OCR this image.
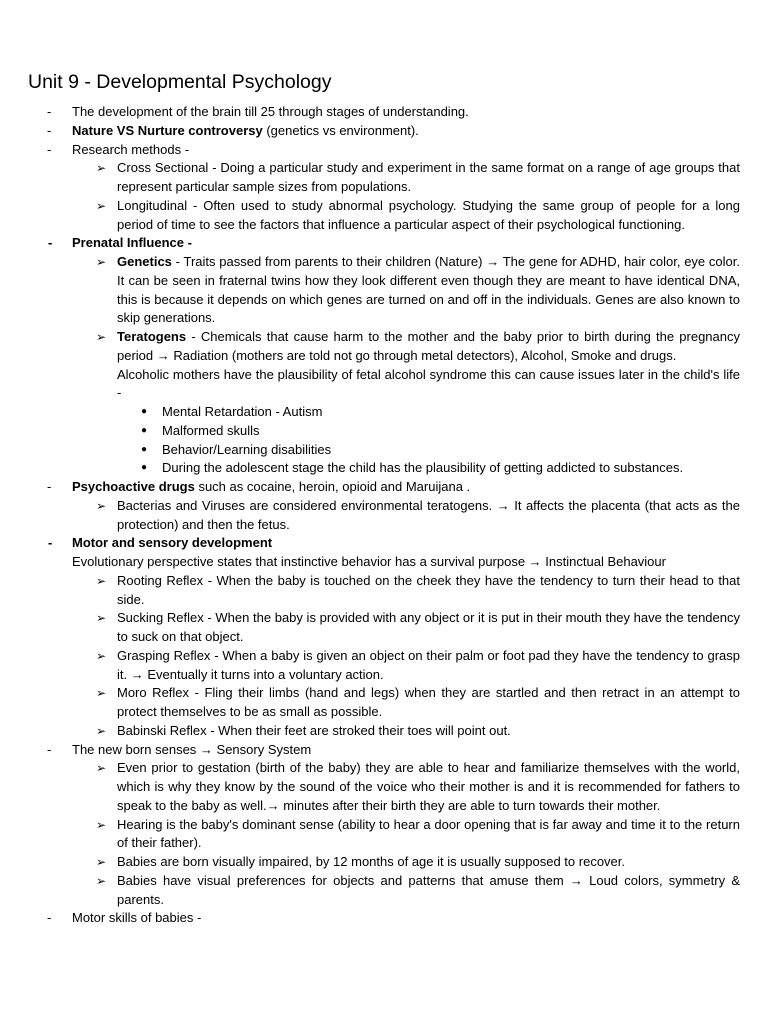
Unit 9 - Developmental Psychology
- The development of the brain till 25 through stages of understanding.
- Nature VS Nurture controversy (genetics vs environment).
- Research methods -
➢ Cross Sectional - Doing a particular study and experiment in the same format on a range of age groups that represent particular sample sizes from populations.
➢ Longitudinal - Often used to study abnormal psychology. Studying the same group of people for a long period of time to see the factors that influence a particular aspect of their psychological functioning.
- Prenatal Influence -
➢ Genetics - Traits passed from parents to their children (Nature) → The gene for ADHD, hair color, eye color. It can be seen in fraternal twins how they look different even though they are meant to have identical DNA, this is because it depends on which genes are turned on and off in the individuals. Genes are also known to skip generations.
➢ Teratogens - Chemicals that cause harm to the mother and the baby prior to birth during the pregnancy period → Radiation (mothers are told not go through metal detectors), Alcohol, Smoke and drugs.
Alcoholic mothers have the plausibility of fetal alcohol syndrome this can cause issues later in the child's life -
● Mental Retardation - Autism
● Malformed skulls
● Behavior/Learning disabilities
● During the adolescent stage the child has the plausibility of getting addicted to substances.
- Psychoactive drugs such as cocaine, heroin, opioid and Maruijana .
➢ Bacterias and Viruses are considered environmental teratogens. → It affects the placenta (that acts as the protection) and then the fetus.
- Motor and sensory development
Evolutionary perspective states that instinctive behavior has a survival purpose → Instinctual Behaviour
➢ Rooting Reflex - When the baby is touched on the cheek they have the tendency to turn their head to that side.
➢ Sucking Reflex - When the baby is provided with any object or it is put in their mouth they have the tendency to suck on that object.
➢ Grasping Reflex - When a baby is given an object on their palm or foot pad they have the tendency to grasp it. → Eventually it turns into a voluntary action.
➢ Moro Reflex - Fling their limbs (hand and legs) when they are startled and then retract in an attempt to protect themselves to be as small as possible.
➢ Babinski Reflex - When their feet are stroked their toes will point out.
- The new born senses → Sensory System
➢ Even prior to gestation (birth of the baby) they are able to hear and familiarize themselves with the world, which is why they know by the sound of the voice who their mother is and it is recommended for fathers to speak to the baby as well.→ minutes after their birth they are able to turn towards their mother.
➢ Hearing is the baby's dominant sense (ability to hear a door opening that is far away and time it to the return of their father).
➢ Babies are born visually impaired, by 12 months of age it is usually supposed to recover.
➢ Babies have visual preferences for objects and patterns that amuse them → Loud colors, symmetry & parents.
- Motor skills of babies -
